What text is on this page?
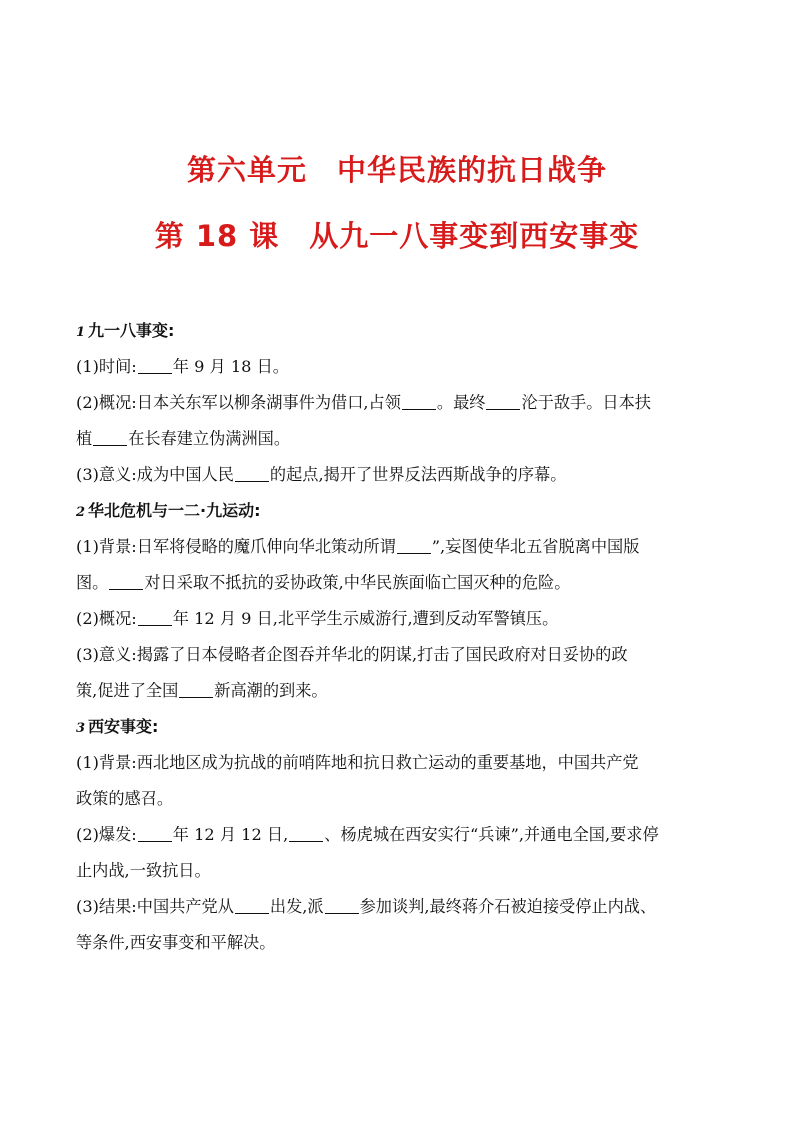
第六单元　中华民族的抗日战争
第 18 课　从九一八事变到西安事变
1 九一八事变:
(1)时间: 年 9 月 18 日。
(2)概况:日本关东军以柳条湖事件为借口,占领 。最终 沦于敌手。日本扶
植 在长春建立伪满洲国。
(3)意义:成为中国人民 的起点,揭开了世界反法西斯战争的序幕。
2 华北危机与一二·九运动:
(1)背景:日军将侵略的魔爪伸向华北策动所谓 ”,妄图使华北五省脱离中国版
图。 对日采取不抵抗的妥协政策,中华民族面临亡国灭种的危险。
(2)概况: 年 12 月 9 日,北平学生示威游行,遭到反动军警镇压。
(3)意义:揭露了日本侵略者企图吞并华北的阴谋,打击了国民政府对日妥协的政
策,促进了全国 新高潮的到来。
3 西安事变:
(1)背景:西北地区成为抗战的前哨阵地和抗日救亡运动的重要基地，中国共产党
政策的感召。
(2)爆发: 年 12 月 12 日, 、杨虎城在西安实行“兵谏”,并通电全国,要求停
止内战,一致抗日。
(3)结果:中国共产党从 出发,派 参加谈判,最终蒋介石被迫接受停止内战、
等条件,西安事变和平解决。
